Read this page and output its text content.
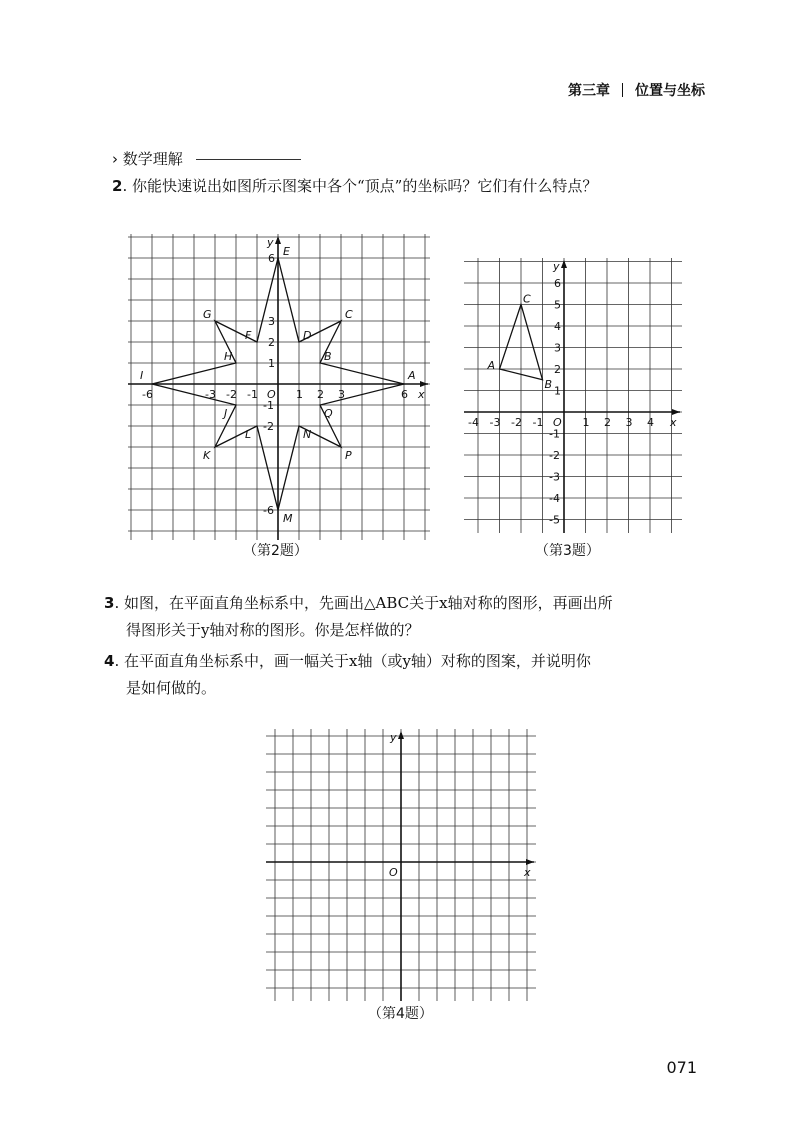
第三章 位置与坐标
› 数学理解
2. 你能快速说出如图所示图案中各个“顶点”的坐标吗？它们有什么特点？
x
y
A
B
C
D
E
F
G
H
I
J
K
L
M
N
P
Q
-6	-3 -2 -1	1 2 3	6
6
3
2
1
-1
-2
-6
O
（第2题）
x
y
A
B
C
-4 -3 -2 -1	1 2 3 4
6
5
4
3
2
1
-1
-2
-3
-4
-5
O
（第3题）
3. 如图，在平面直角坐标系中，先画出△ABC关于x轴对称的图形，再画出所
得图形关于y轴对称的图形。你是怎样做的？
4. 在平面直角坐标系中，画一幅关于x轴（或y轴）对称的图案，并说明你
是如何做的。
x
y
O
（第4题）
071
